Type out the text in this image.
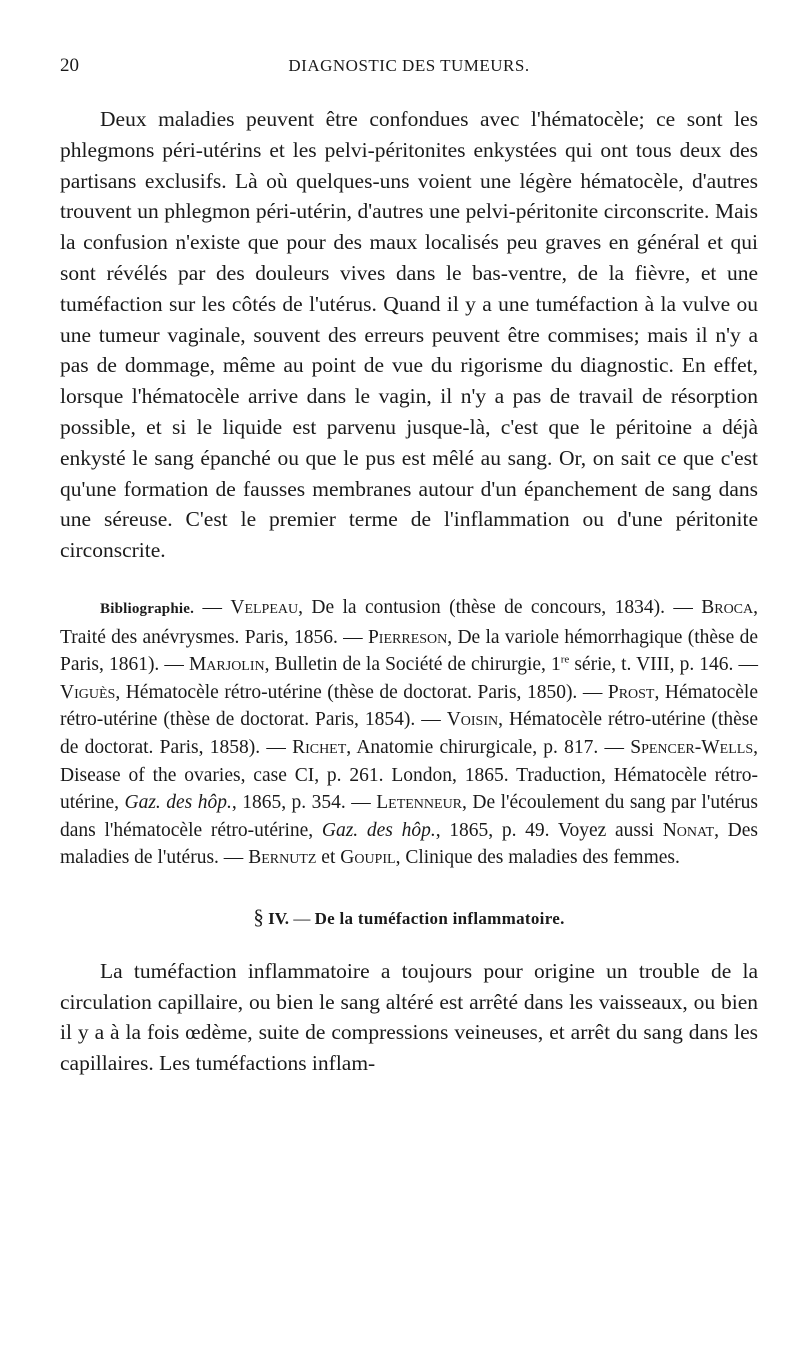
20	DIAGNOSTIC DES TUMEURS.

Deux maladies peuvent être confondues avec l'hématocèle; ce sont les phlegmons péri-utérins et les pelvi-péritonites enkystées qui ont tous deux des partisans exclusifs. Là où quelques-uns voient une légère hématocèle, d'autres trouvent un phlegmon péri-utérin, d'autres une pelvi-péritonite circonscrite. Mais la confusion n'existe que pour des maux localisés peu graves en général et qui sont révélés par des douleurs vives dans le bas-ventre, de la fièvre, et une tuméfaction sur les côtés de l'utérus. Quand il y a une tuméfaction à la vulve ou une tumeur vaginale, souvent des erreurs peuvent être commises; mais il n'y a pas de dommage, même au point de vue du rigorisme du diagnostic. En effet, lorsque l'hématocèle arrive dans le vagin, il n'y a pas de travail de résorption possible, et si le liquide est parvenu jusque-là, c'est que le péritoine a déjà enkysté le sang épanché ou que le pus est mêlé au sang. Or, on sait ce que c'est qu'une formation de fausses membranes autour d'un épanchement de sang dans une séreuse. C'est le premier terme de l'inflammation ou d'une péritonite circonscrite.

Bibliographie. — Velpeau, De la contusion (thèse de concours, 1834). — Broca, Traité des anévrysmes. Paris, 1856. — Pierreson, De la variole hémorrhagique (thèse de Paris, 1861). — Marjolin, Bulletin de la Société de chirurgie, 1re série, t. VIII, p. 146. — Viguès, Hématocèle rétro-utérine (thèse de doctorat. Paris, 1850). — Prost, Hématocèle rétro-utérine (thèse de doctorat. Paris, 1854). — Voisin, Hématocèle rétro-utérine (thèse de doctorat. Paris, 1858). — Richet, Anatomie chirurgicale, p. 817. — Spencer-Wells, Disease of the ovaries, case CI, p. 261. London, 1865. Traduction, Hématocèle rétro-utérine, Gaz. des hôp., 1865, p. 354. — Letenneur, De l'écoulement du sang par l'utérus dans l'hématocèle rétro-utérine, Gaz. des hôp., 1865, p. 49. Voyez aussi Nonat, Des maladies de l'utérus. — Bernutz et Goupil, Clinique des maladies des femmes.

§ IV. — De la tuméfaction inflammatoire.

La tuméfaction inflammatoire a toujours pour origine un trouble de la circulation capillaire, ou bien le sang altéré est arrêté dans les vaisseaux, ou bien il y a à la fois œdème, suite de compressions veineuses, et arrêt du sang dans les capillaires. Les tuméfactions inflam-
